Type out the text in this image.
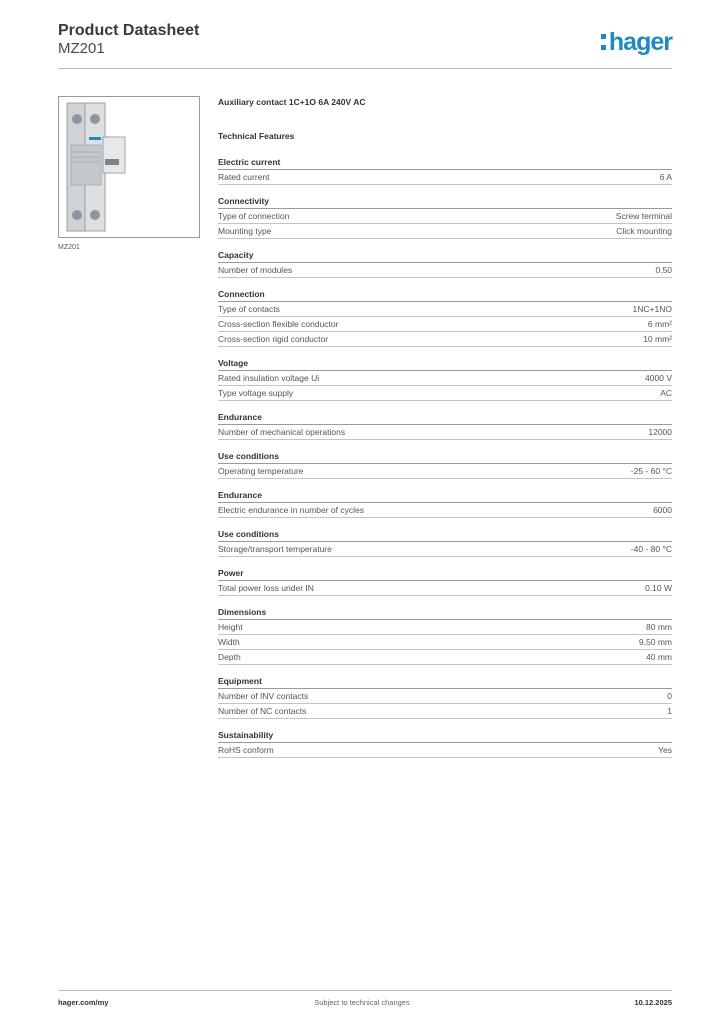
Product Datasheet
MZ201	hager
MZ201
Auxiliary contact 1C+1O 6A 240V AC
Technical Features
Electric current
Rated current	6 A
Connectivity
Type of connection	Screw terminal
Mounting type	Click mounting
Capacity
Number of modules	0.50
Connection
Type of contacts	1NC+1NO
Cross-section flexible conductor	6 mm²
Cross-section rigid conductor	10 mm²
Voltage
Rated insulation voltage Ui	4000 V
Type voltage supply	AC
Endurance
Number of mechanical operations	12000
Use conditions
Operating temperature	-25 - 60 °C
Endurance
Electric endurance in number of cycles	6000
Use conditions
Storage/transport temperature	-40 - 80 °C
Power
Total power loss under IN	0.10 W
Dimensions
Height	80 mm
Width	9.50 mm
Depth	40 mm
Equipment
Number of INV contacts	0
Number of NC contacts	1
Sustainability
RoHS conform	Yes
hager.com/my	Subject to technical changes	10.12.2025
